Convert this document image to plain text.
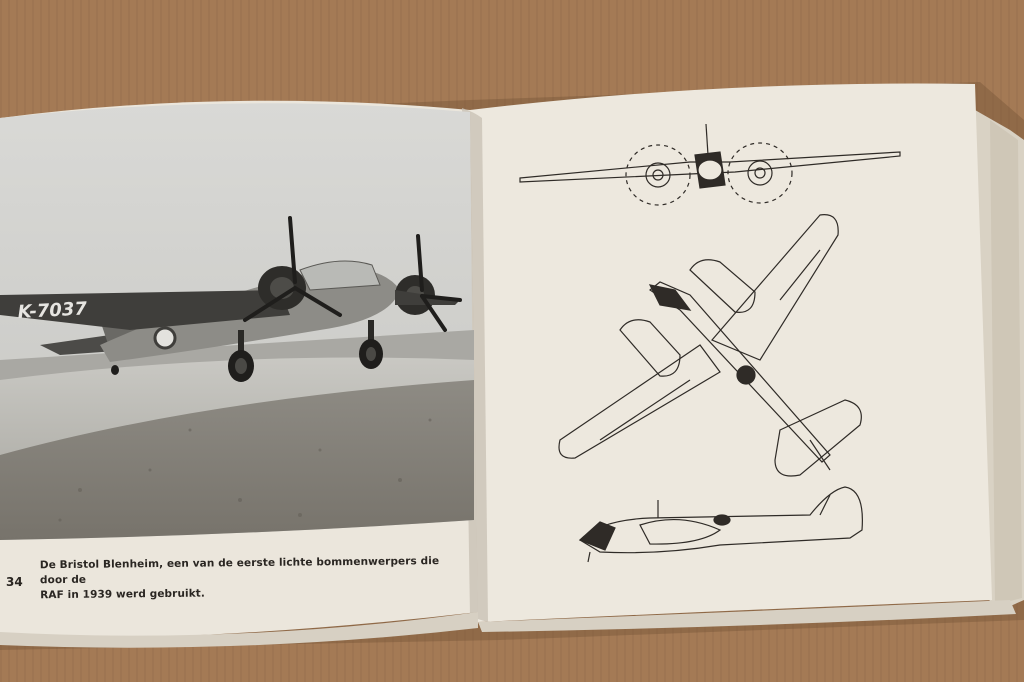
K-7037
De Bristol Blenheim, een van de eerste lichte bommenwerpers die door de
RAF in 1939 werd gebruikt.
34
